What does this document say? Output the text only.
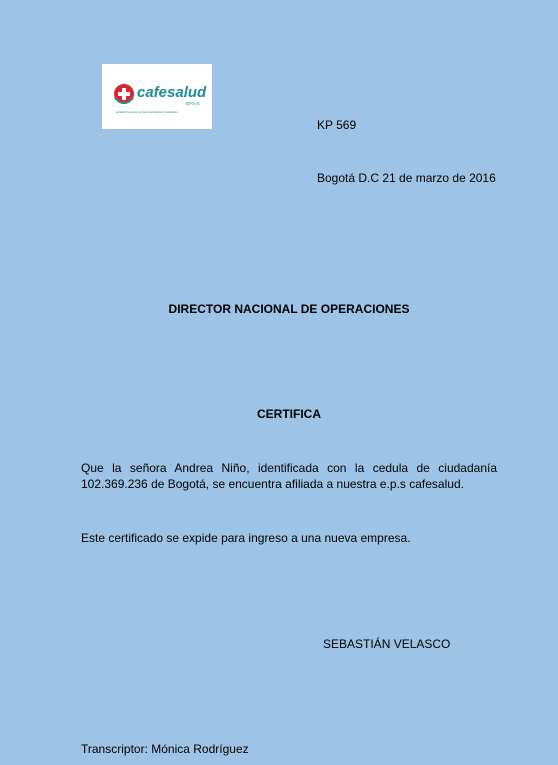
cafesalud
EPS-S
Entidad Promotora de Salud del Régimen Subsidiado
KP 569
Bogotá D.C 21 de marzo de 2016
DIRECTOR NACIONAL DE OPERACIONES
CERTIFICA
Que la señora Andrea Niño, identificada con la cedula de ciudadanía
102.369.236 de Bogotá, se encuentra afiliada a nuestra e.p.s cafesalud.
Este certificado se expide para ingreso a una nueva empresa.
SEBASTIÁN VELASCO
Transcriptor: Mónica Rodríguez
